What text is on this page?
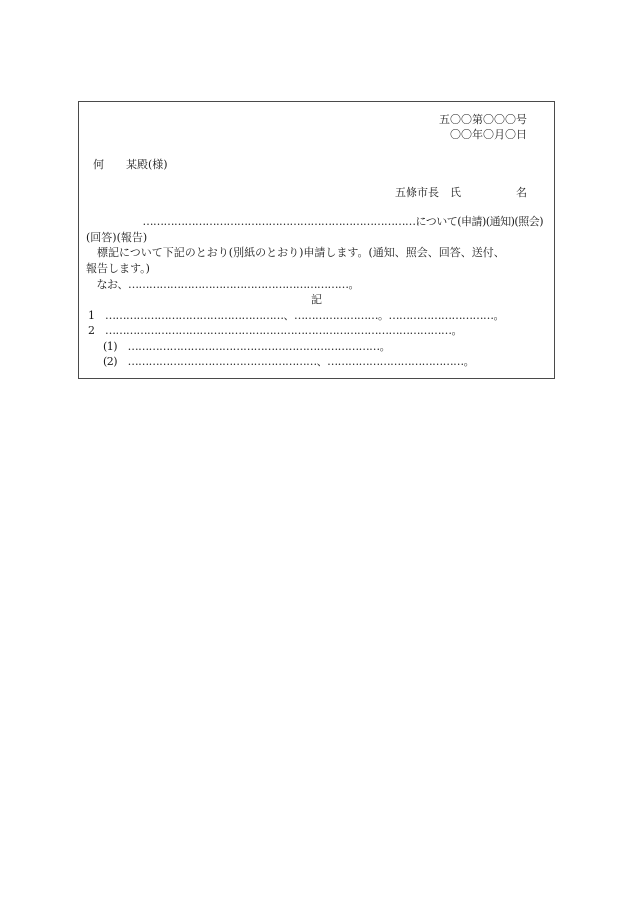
五〇〇第〇〇〇号
〇〇年〇月〇日
何　　某殿(様)
五條市長　氏　　　　　名
……………………………………………………………………について(申請)(通知)(照会)
(回答)(報告)
　標記について下記のとおり(別紙のとおり)申請します。(通知、照会、回答、送付、
報告します。)
　なお、………………………………………………………。
記
1　……………………………………………、……………………。…………………………。
2　………………………………………………………………………………………。
(1)　………………………………………………………………。
(2)　………………………………………………、…………………………………。
